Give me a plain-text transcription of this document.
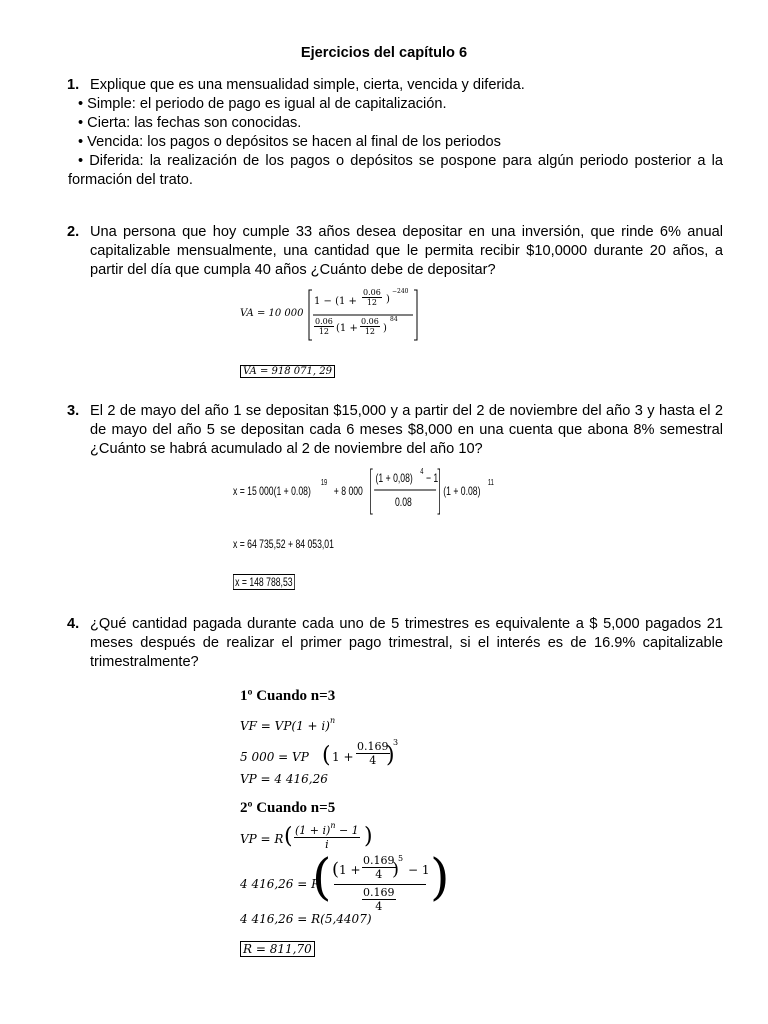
Ejercicios del capítulo 6
1. Explique que es una mensualidad simple, cierta, vencida y diferida.
• Simple: el periodo de pago es igual al de capitalización.
• Cierta: las fechas son conocidas.
• Vencida: los pagos o depósitos se hacen al final de los periodos
• Diferida: la realización de los pagos o depósitos se pospone para algún periodo posterior a la formación del trato.
2. Una persona que hoy cumple 33 años desea depositar en una inversión, que rinde 6% anual capitalizable mensualmente, una cantidad que le permita recibir $10,0000 durante 20 años, a partir del día que cumpla 40 años ¿Cuánto debe de depositar?
VA = 10 000
$1 - (1 + \frac{0.06}{12}$ )
−240
$\frac{0.06}{12} (1 + \frac{0.06}{12}$ )
84
VA = 918 071, 29
3. El 2 de mayo del año 1 se depositan $15,000 y a partir del 2 de noviembre del año 3 y hasta el 2 de mayo del año 5 se depositan cada 6 meses $8,000 en una cuenta que abona 8% semestral ¿Cuánto se habrá acumulado al 2 de noviembre del año 10?
x = 15 000(1 + 0.08)
19
+ 8 000
(1 + 0,08) 4 − 1
0.08
(1 + 0.08)
11
x = 64 735,52 + 84 053,01
x = 148 788,53
4. ¿Qué cantidad pagada durante cada uno de 5 trimestres es equivalente a $ 5,000 pagados 21 meses después de realizar el primer pago trimestral, si el interés es de 16.9% capitalizable trimestralmente?
1º Cuando n=3
VF = $VP(1 + i)^n$
5 000 = VP ( $1 + \frac{0.169}{4}$
)
3
VP = 4 416,26
2º Cuando n=5
VP = R ( $\frac{(1 + i)^n - 1}{i}$ )
4 416,26 = R
( ( $1 + \frac{0.169}{4}$
)
5
− 1
$\frac{0.169}{4}$ )
4 416,26 = R(5,4407)
R = 811,70
